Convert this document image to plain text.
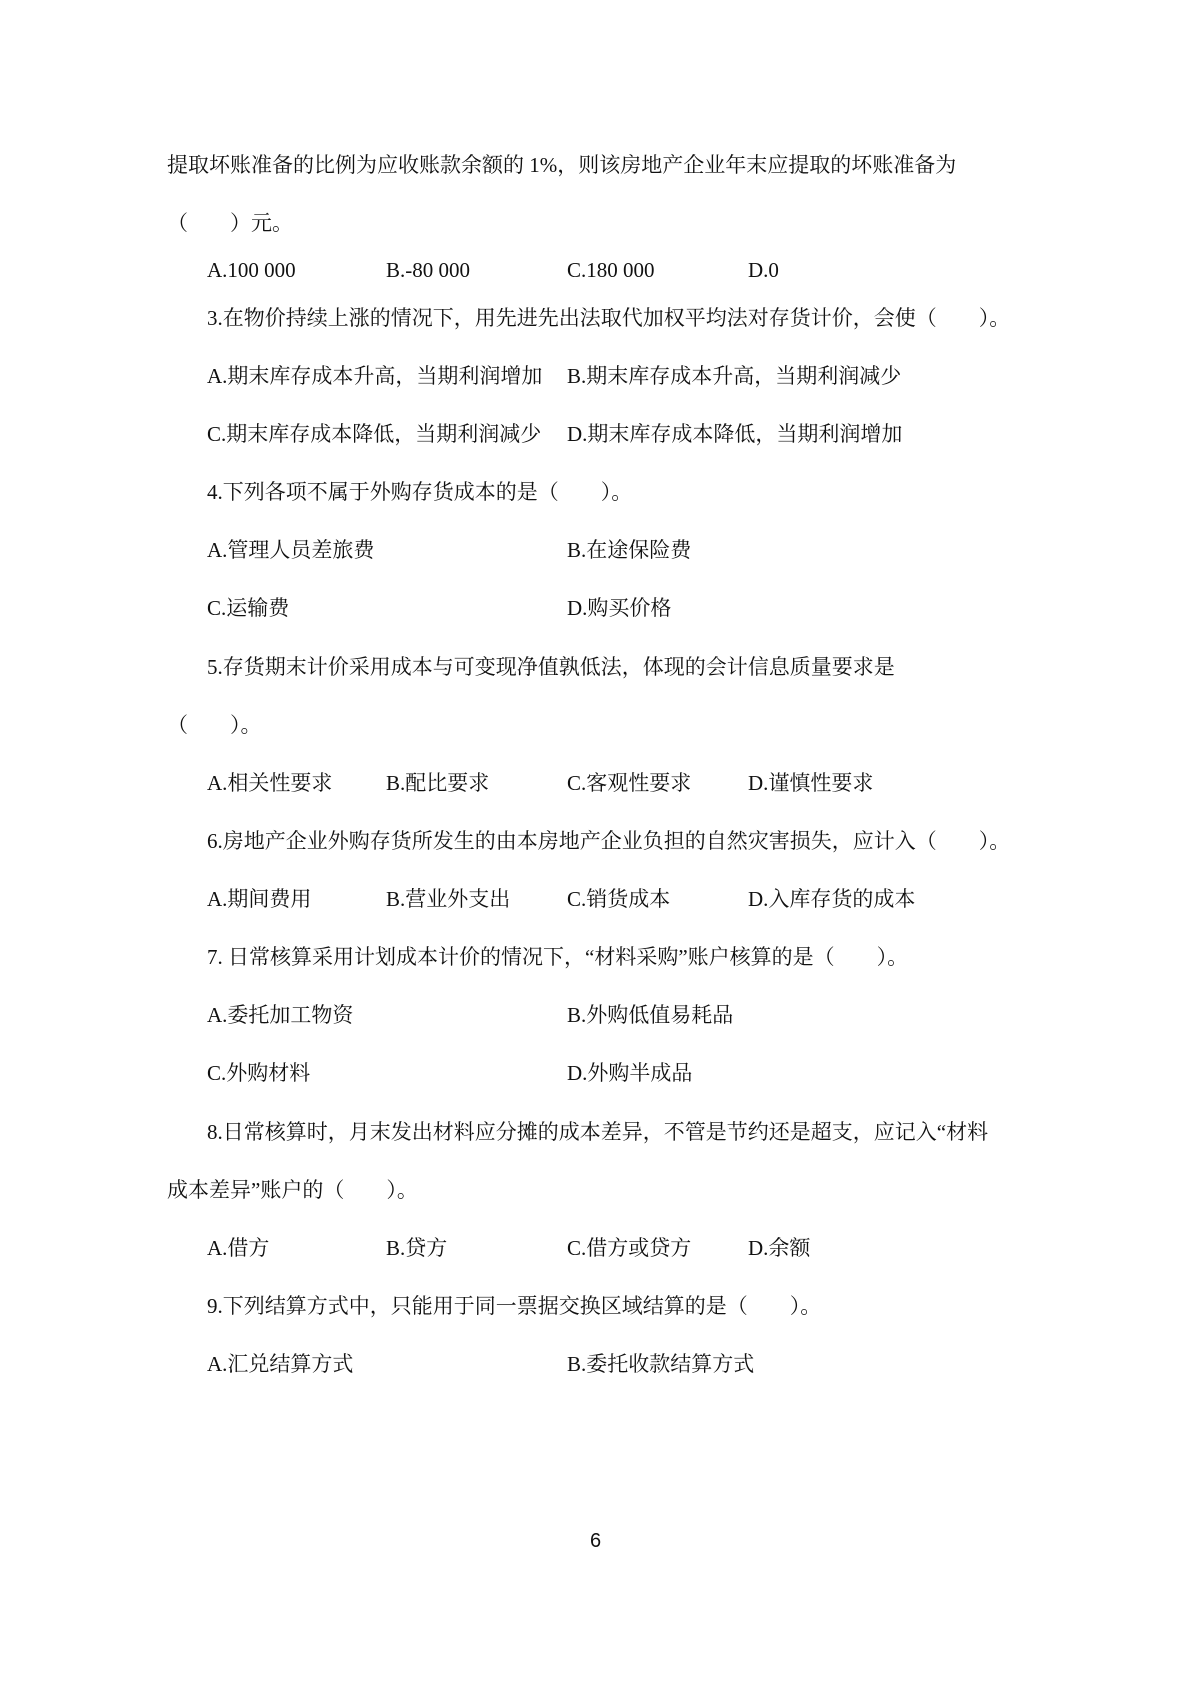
提取坏账准备的比例为应收账款余额的 1%，则该房地产企业年末应提取的坏账准备为
（　　）元。
A.100 000	B.-80 000	C.180 000	D.0
3.在物价持续上涨的情况下，用先进先出法取代加权平均法对存货计价，会使（　　）。
A.期末库存成本升高，当期利润增加 B.期末库存成本升高，当期利润减少
C.期末库存成本降低，当期利润减少 D.期末库存成本降低，当期利润增加
4.下列各项不属于外购存货成本的是（　　）。
A.管理人员差旅费	B.在途保险费
C.运输费	D.购买价格
5.存货期末计价采用成本与可变现净值孰低法，体现的会计信息质量要求是
（　　）。
A.相关性要求	B.配比要求	C.客观性要求	D.谨慎性要求
6.房地产企业外购存货所发生的由本房地产企业负担的自然灾害损失，应计入（　　）。
A.期间费用	B.营业外支出	C.销货成本	D.入库存货的成本
7. 日常核算采用计划成本计价的情况下，“材料采购”账户核算的是（　　）。
A.委托加工物资	B.外购低值易耗品
C.外购材料	D.外购半成品
8.日常核算时，月末发出材料应分摊的成本差异，不管是节约还是超支，应记入“材料
成本差异”账户的（　　）。
A.借方	B.贷方	C.借方或贷方	D.余额
9.下列结算方式中，只能用于同一票据交换区域结算的是（　　）。
A.汇兑结算方式	B.委托收款结算方式
6
